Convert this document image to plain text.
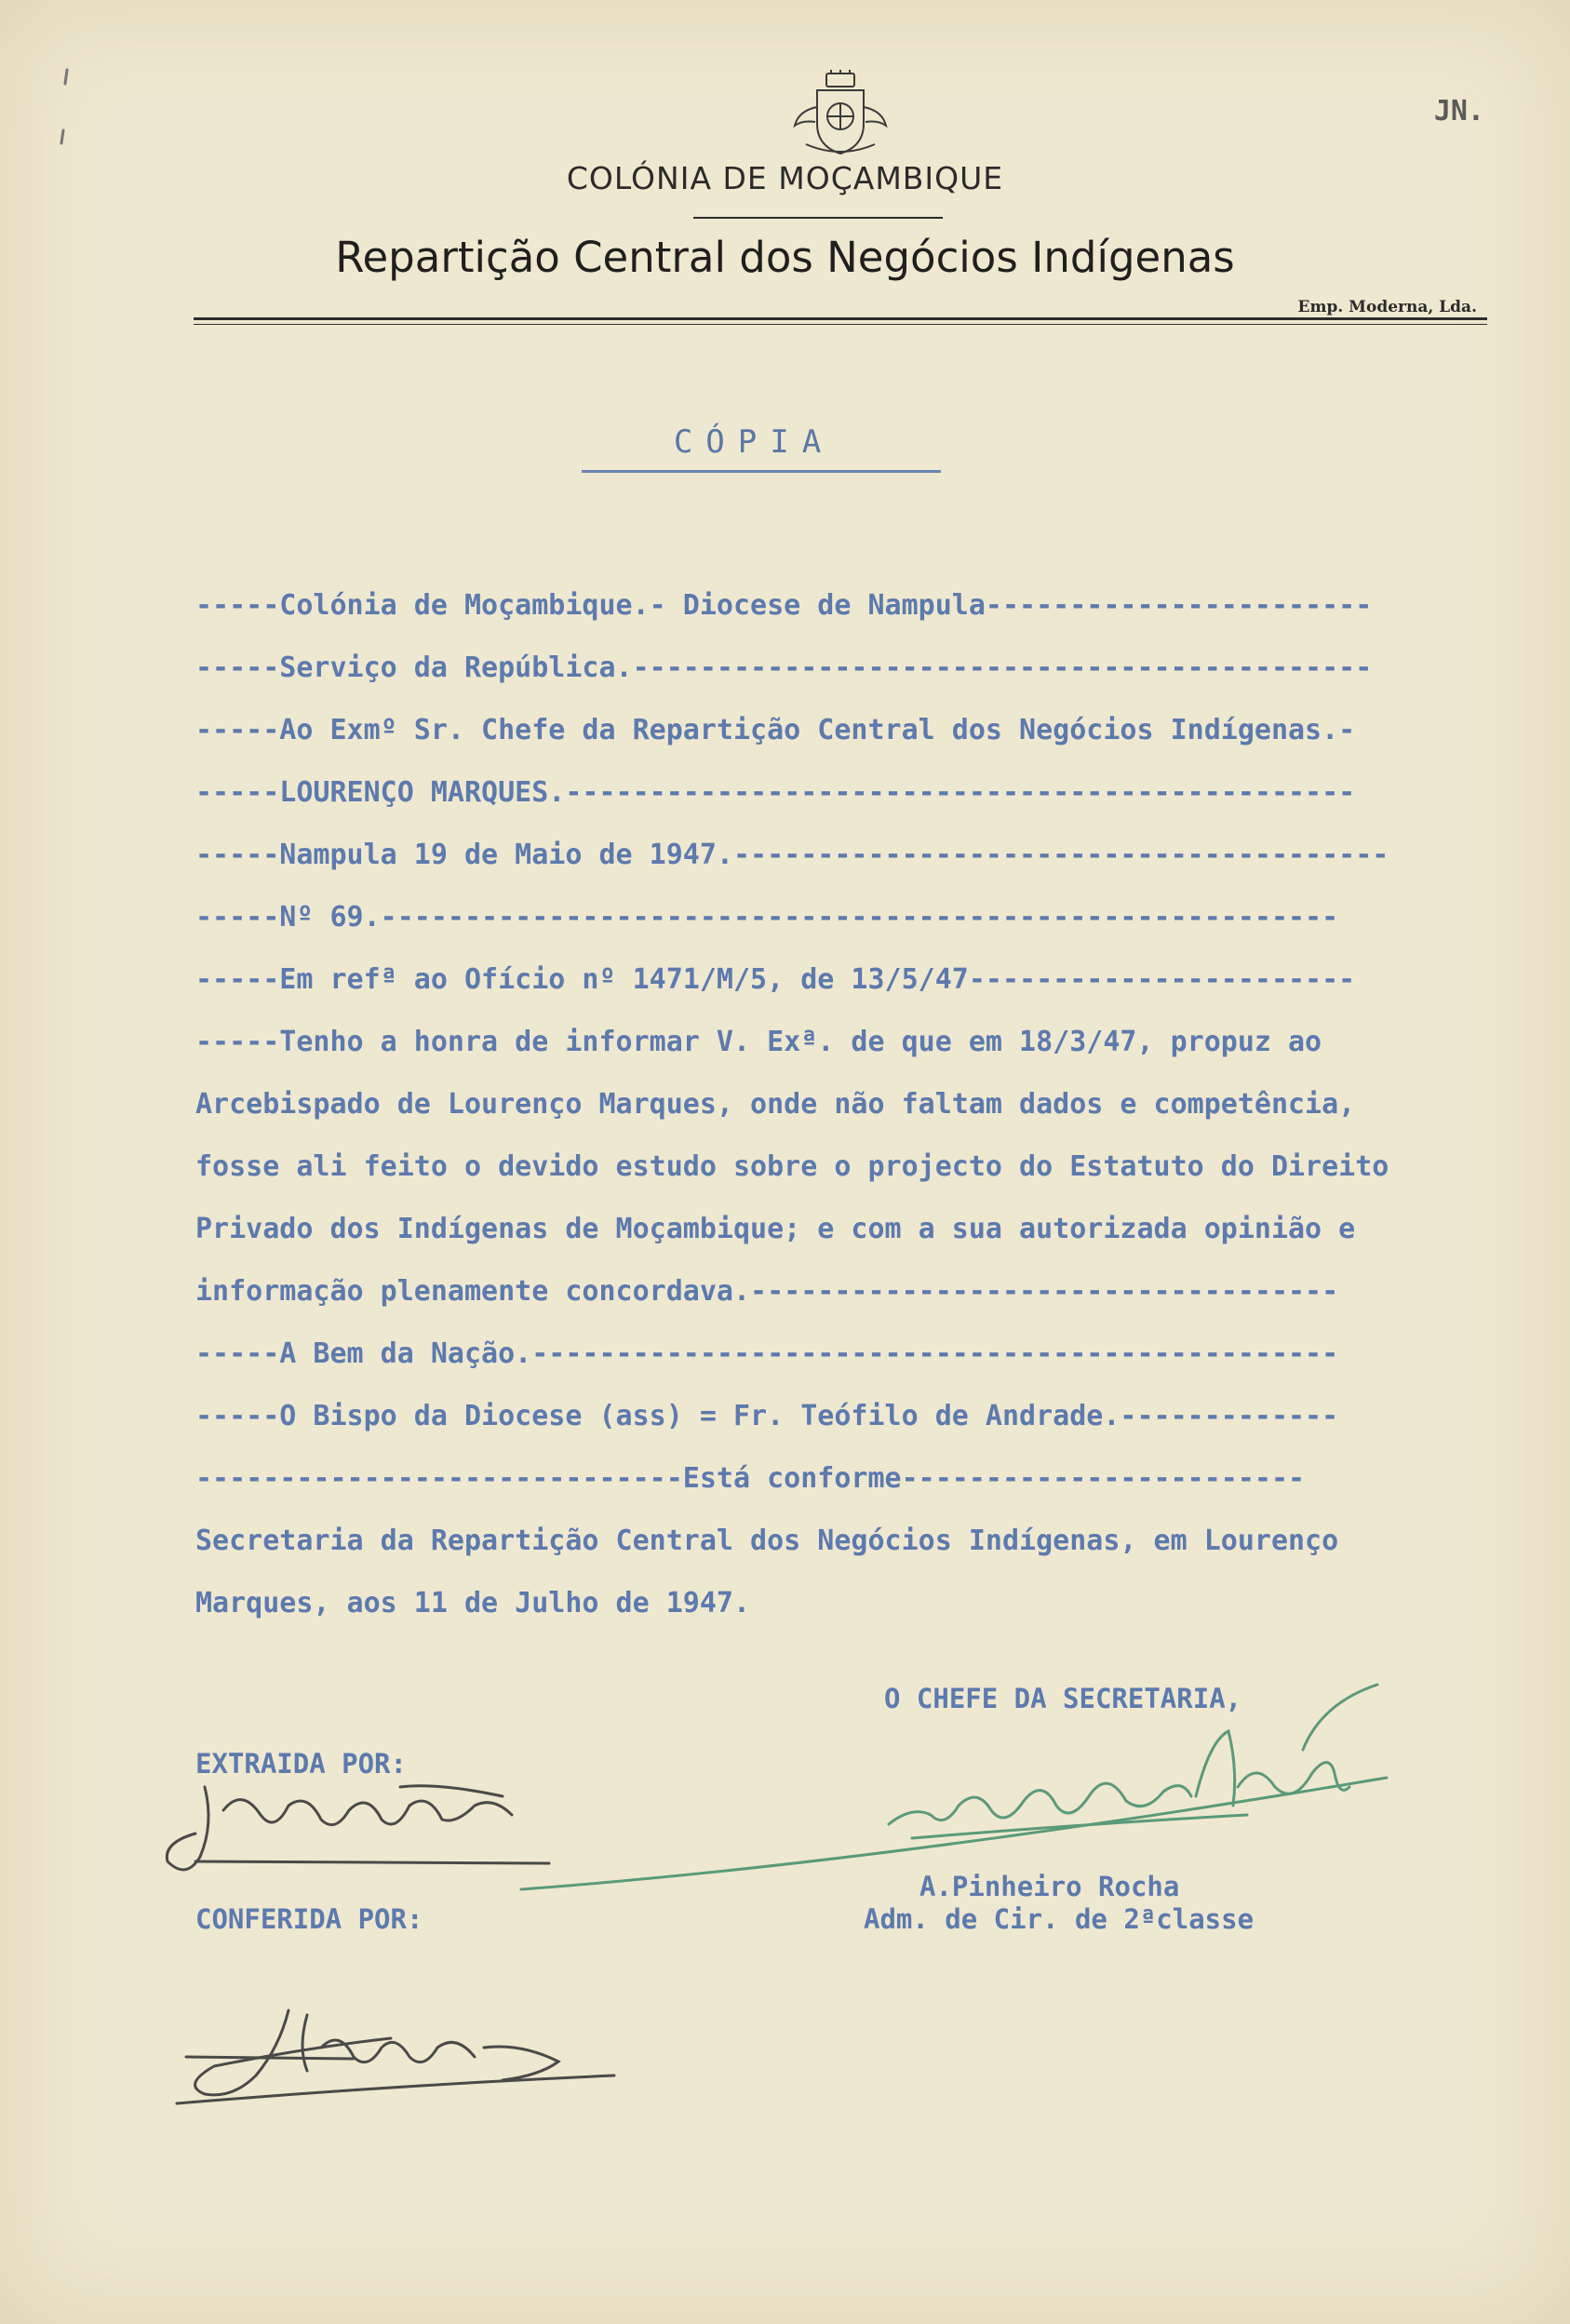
JN.
COLÓNIA DE MOÇAMBIQUE
Repartição Central dos Negócios Indígenas
Emp. Moderna, Lda.
CÓPIA
-----Colónia de Moçambique.- Diocese de Nampula-----------------------
-----Serviço da República.--------------------------------------------
-----Ao Exmº Sr. Chefe da Repartição Central dos Negócios Indígenas.-
-----LOURENÇO MARQUES.-----------------------------------------------
-----Nampula 19 de Maio de 1947.---------------------------------------
-----Nº 69.---------------------------------------------------------
-----Em refª ao Ofício nº 1471/M/5, de 13/5/47-----------------------
-----Tenho a honra de informar V. Exª. de que em 18/3/47, propuz ao
Arcebispado de Lourenço Marques, onde não faltam dados e competência,
fosse ali feito o devido estudo sobre o projecto do Estatuto do Direito
Privado dos Indígenas de Moçambique; e com a sua autorizada opinião e
informação plenamente concordava.-----------------------------------
-----A Bem da Nação.------------------------------------------------
-----O Bispo da Diocese (ass) = Fr. Teófilo de Andrade.-------------
-----------------------------Está conforme------------------------
Secretaria da Repartição Central dos Negócios Indígenas, em Lourenço
Marques, aos 11 de Julho de 1947.
O CHEFE DA SECRETARIA,
EXTRAIDA POR:
A.Pinheiro Rocha
Adm. de Cir. de 2ªclasse
CONFERIDA POR:
